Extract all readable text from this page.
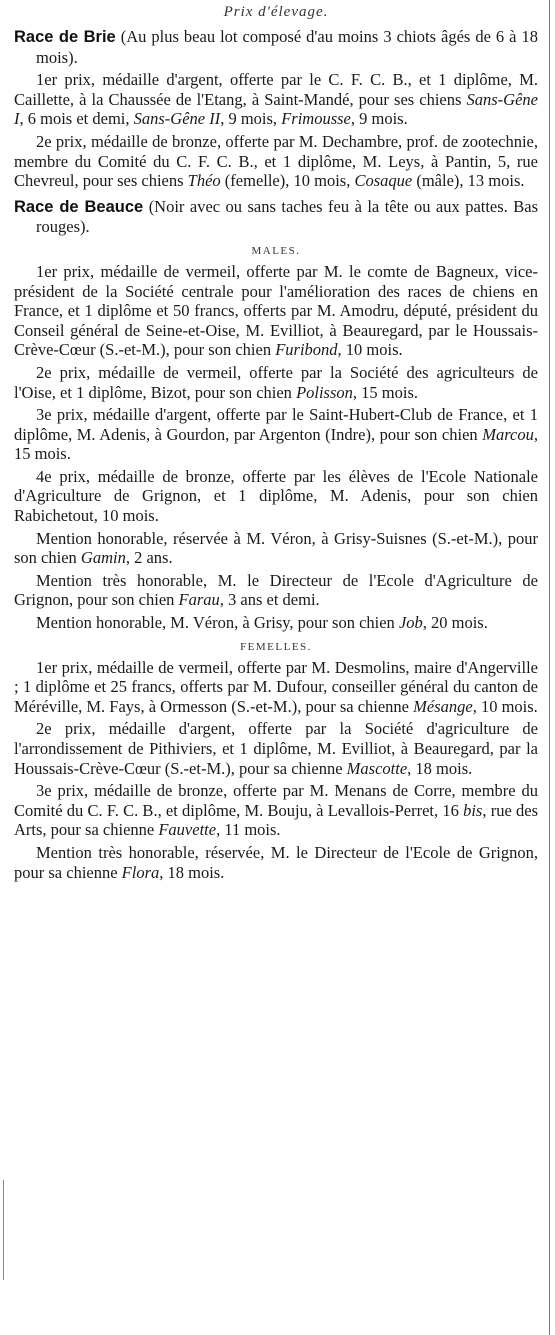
Prix d'élevage.

Race de Brie (Au plus beau lot composé d'au moins 3 chiots âgés de 6 à 18 mois).

1er prix, médaille d'argent, offerte par le C. F. C. B., et 1 diplôme, M. Caillette, à la Chaussée de l'Etang, à Saint-Mandé, pour ses chiens Sans-Gêne I, 6 mois et demi, Sans-Gêne II, 9 mois, Frimousse, 9 mois.

2e prix, médaille de bronze, offerte par M. Dechambre, prof. de zootechnie, membre du Comité du C. F. C. B., et 1 diplôme, M. Leys, à Pantin, 5, rue Chevreul, pour ses chiens Théo (femelle), 10 mois, Cosaque (mâle), 13 mois.

Race de Beauce (Noir avec ou sans taches feu à la tête ou aux pattes. Bas rouges).

MALES.

1er prix, médaille de vermeil, offerte par M. le comte de Bagneux, vice-président de la Société centrale pour l'amélioration des races de chiens en France, et 1 diplôme et 50 francs, offerts par M. Amodru, député, président du Conseil général de Seine-et-Oise, M. Evilliot, à Beauregard, par le Houssais-Crève-Cœur (S.-et-M.), pour son chien Furibond, 10 mois.

2e prix, médaille de vermeil, offerte par la Société des agriculteurs de l'Oise, et 1 diplôme, Bizot, pour son chien Polisson, 15 mois.

3e prix, médaille d'argent, offerte par le Saint-Hubert-Club de France, et 1 diplôme, M. Adenis, à Gourdon, par Argenton (Indre), pour son chien Marcou, 15 mois.

4e prix, médaille de bronze, offerte par les élèves de l'Ecole Nationale d'Agriculture de Grignon, et 1 diplôme, M. Adenis, pour son chien Rabichetout, 10 mois.

Mention honorable, réservée à M. Véron, à Grisy-Suisnes (S.-et-M.), pour son chien Gamin, 2 ans.

Mention très honorable, M. le Directeur de l'Ecole d'Agriculture de Grignon, pour son chien Farau, 3 ans et demi.

Mention honorable, M. Véron, à Grisy, pour son chien Job, 20 mois.

FEMELLES.

1er prix, médaille de vermeil, offerte par M. Desmolins, maire d'Angerville ; 1 diplôme et 25 francs, offerts par M. Dufour, conseiller général du canton de Méréville, M. Fays, à Ormesson (S.-et-M.), pour sa chienne Mésange, 10 mois.

2e prix, médaille d'argent, offerte par la Société d'agriculture de l'arrondissement de Pithiviers, et 1 diplôme, M. Evilliot, à Beauregard, par la Houssais-Crève-Cœur (S.-et-M.), pour sa chienne Mascotte, 18 mois.

3e prix, médaille de bronze, offerte par M. Menans de Corre, membre du Comité du C. F. C. B., et diplôme, M. Bouju, à Levallois-Perret, 16 bis, rue des Arts, pour sa chienne Fauvette, 11 mois.

Mention très honorable, réservée, M. le Directeur de l'Ecole de Grignon, pour sa chienne Flora, 18 mois.
